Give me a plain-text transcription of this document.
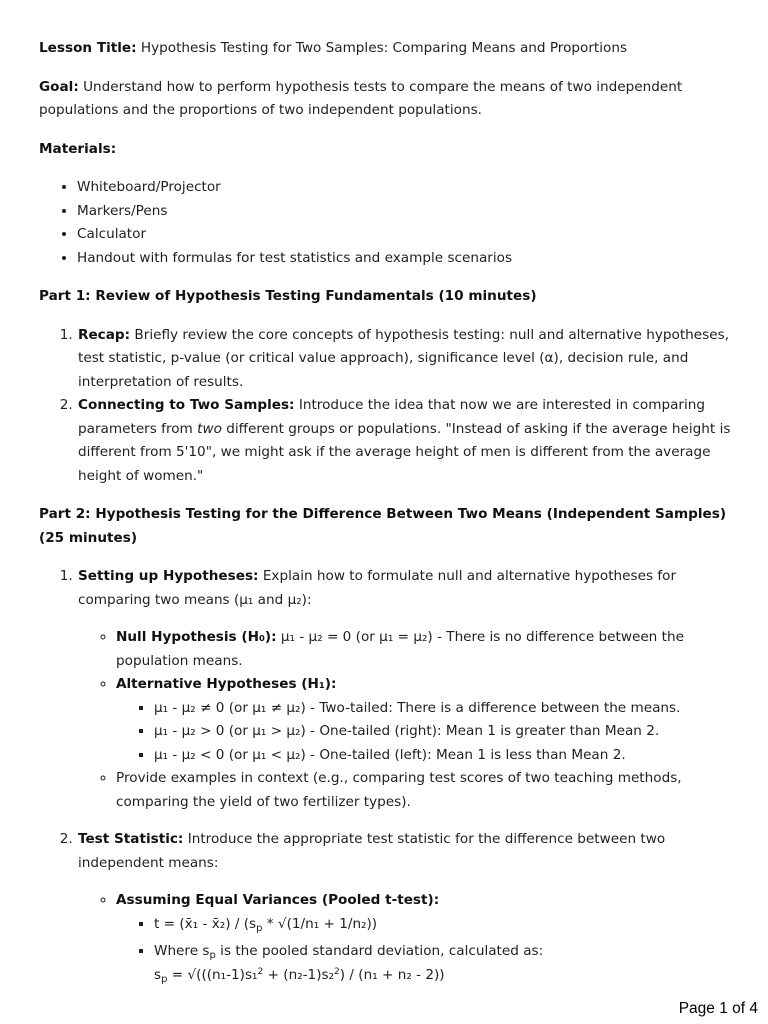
Lesson Title: Hypothesis Testing for Two Samples: Comparing Means and Proportions

Goal: Understand how to perform hypothesis tests to compare the means of two independent populations and the proportions of two independent populations.

Materials:

• Whiteboard/Projector
• Markers/Pens
• Calculator
• Handout with formulas for test statistics and example scenarios

Part 1: Review of Hypothesis Testing Fundamentals (10 minutes)

1. Recap: Briefly review the core concepts of hypothesis testing: null and alternative hypotheses, test statistic, p-value (or critical value approach), significance level (α), decision rule, and interpretation of results.
2. Connecting to Two Samples: Introduce the idea that now we are interested in comparing parameters from two different groups or populations. "Instead of asking if the average height is different from 5'10", we might ask if the average height of men is different from the average height of women."

Part 2: Hypothesis Testing for the Difference Between Two Means (Independent Samples) (25 minutes)

1. Setting up Hypotheses: Explain how to formulate null and alternative hypotheses for comparing two means (μ₁ and μ₂):
◦ Null Hypothesis (H₀): μ₁ - μ₂ = 0 (or μ₁ = μ₂) - There is no difference between the population means.
◦ Alternative Hypotheses (H₁):
▪ μ₁ - μ₂ ≠ 0 (or μ₁ ≠ μ₂) - Two-tailed: There is a difference between the means.
▪ μ₁ - μ₂ > 0 (or μ₁ > μ₂) - One-tailed (right): Mean 1 is greater than Mean 2.
▪ μ₁ - μ₂ < 0 (or μ₁ < μ₂) - One-tailed (left): Mean 1 is less than Mean 2.
◦ Provide examples in context (e.g., comparing test scores of two teaching methods, comparing the yield of two fertilizer types).
2. Test Statistic: Introduce the appropriate test statistic for the difference between two independent means:
◦ Assuming Equal Variances (Pooled t-test):
▪ t = (x̄₁ - x̄₂) / $(s_p * √(1/n_1 + 1/n_2))$
▪ Where $s_p$ is the pooled standard deviation, calculated as:
$s_p = √(((n_1-1)s_1^2 + (n_2-1)s_2^2) / (n_1 + n_2 - 2))$
Page 1 of 4
